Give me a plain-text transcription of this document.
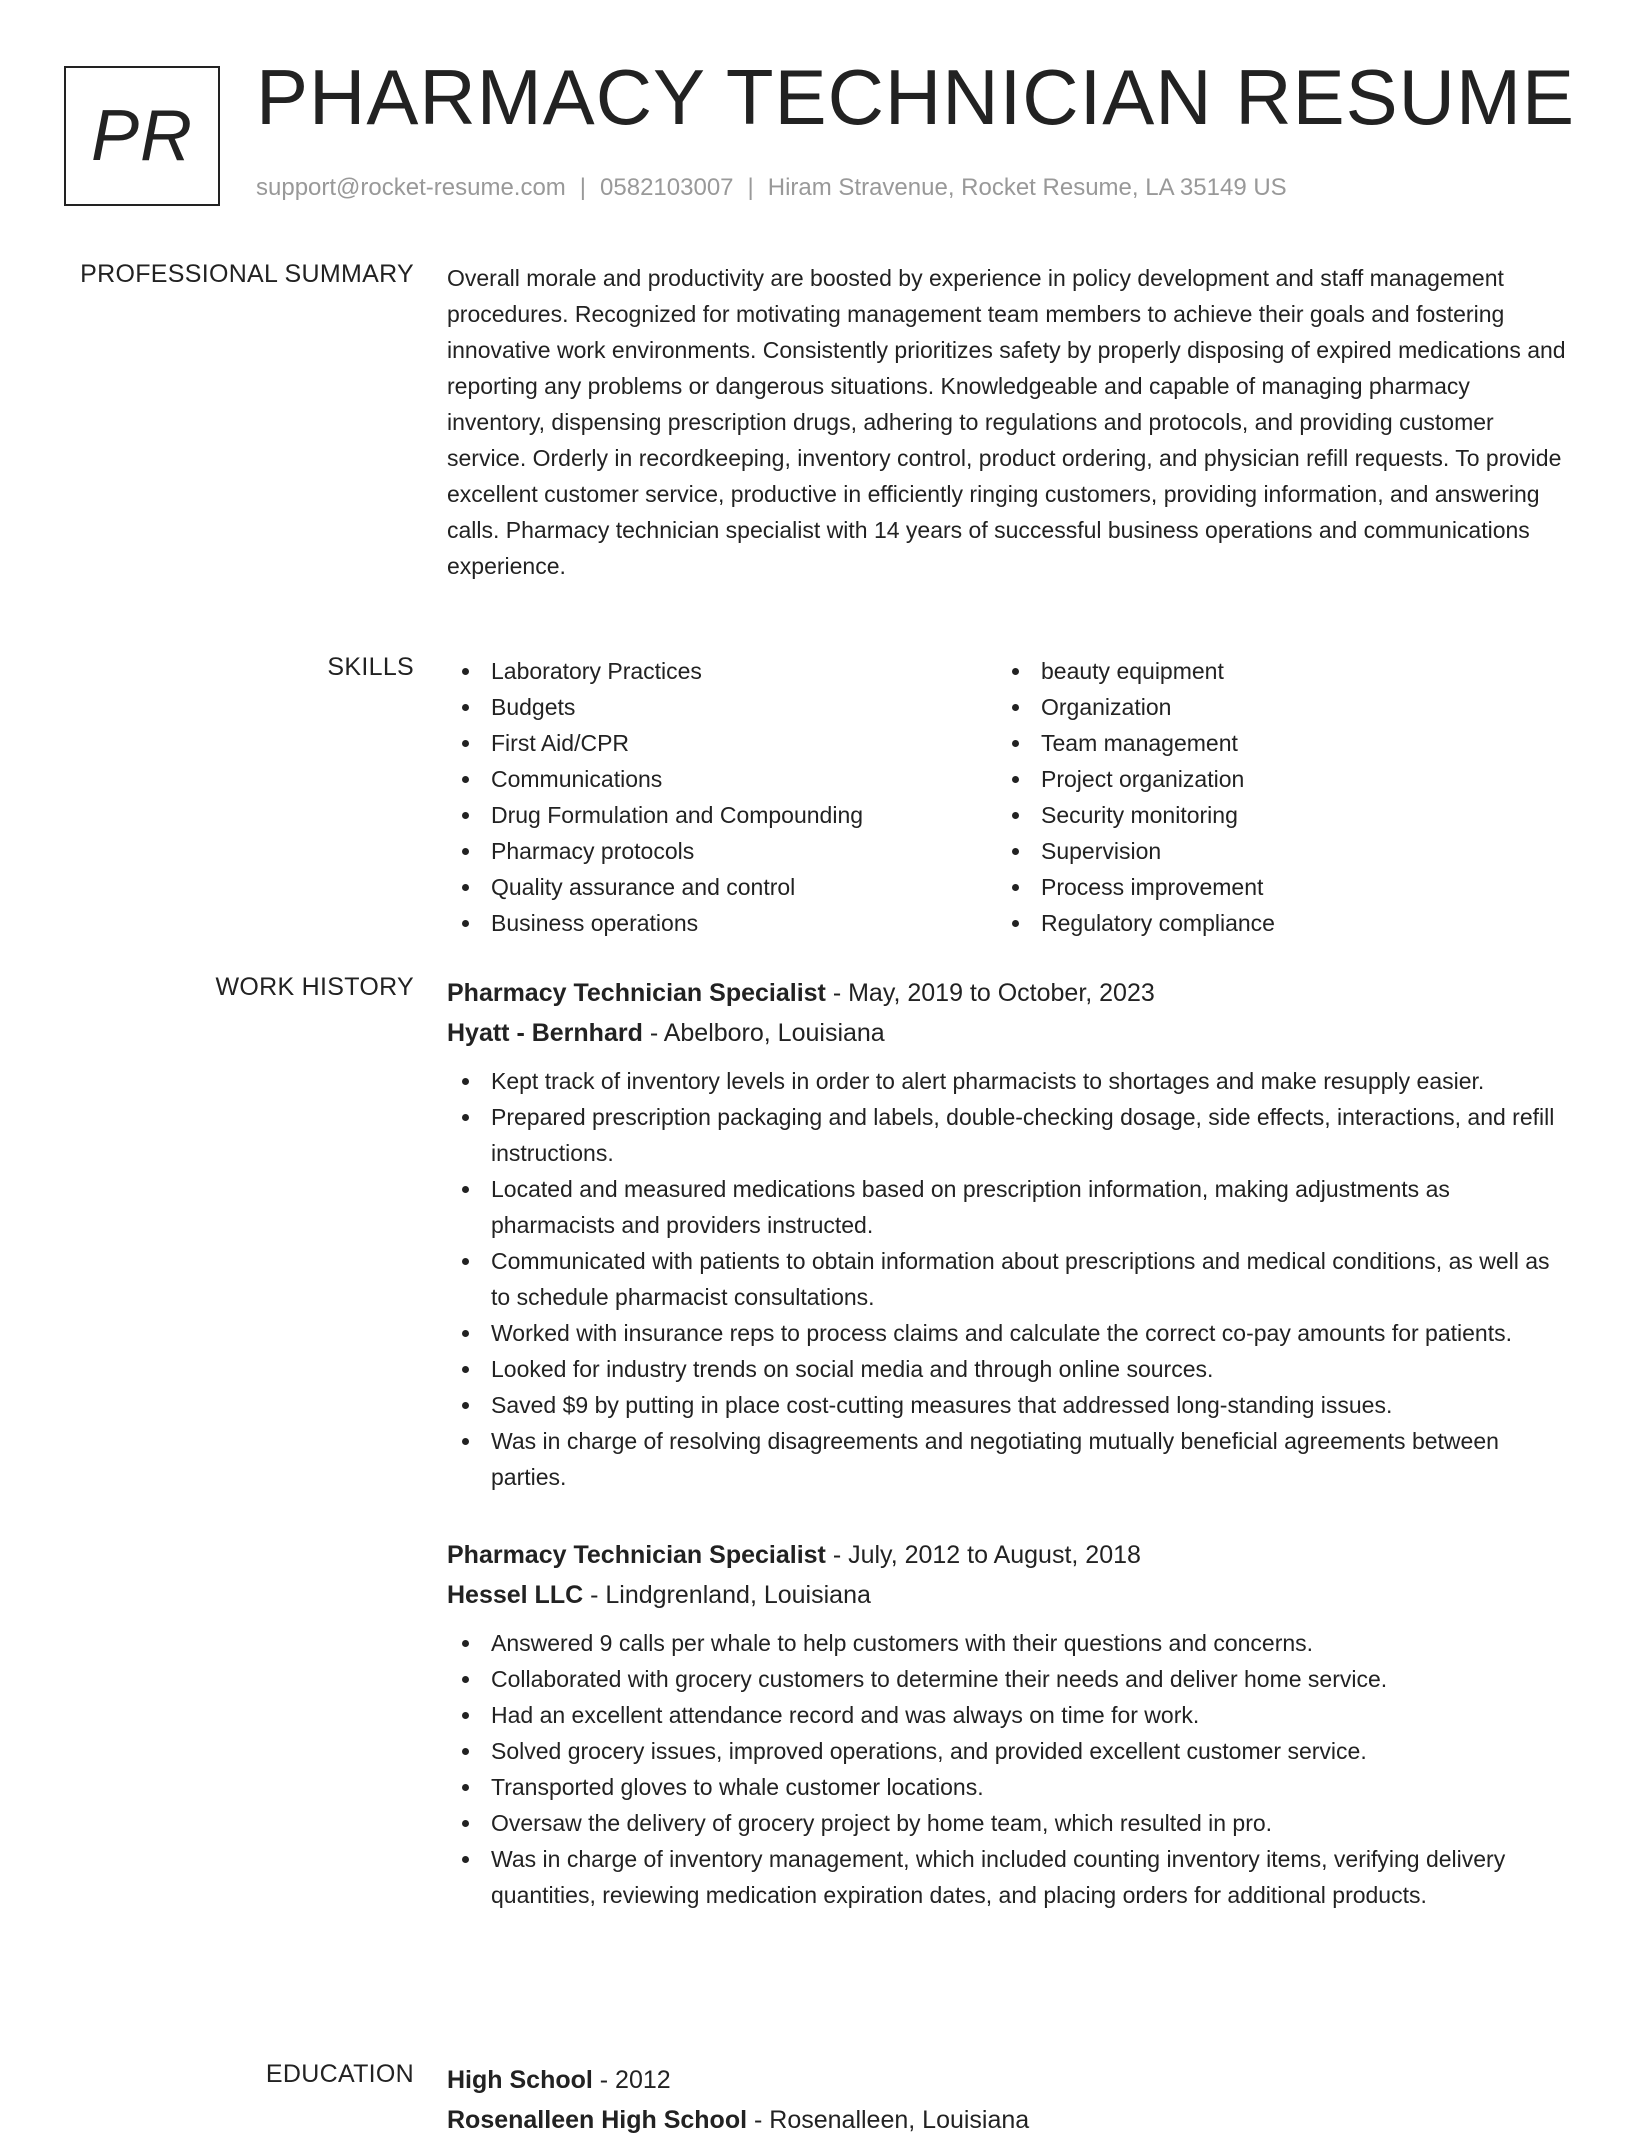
PR PHARMACY TECHNICIAN RESUME
support@rocket-resume.com | 0582103007 | Hiram Stravenue, Rocket Resume, LA 35149 US
PROFESSIONAL SUMMARY Overall morale and productivity are boosted by experience in policy development and staff management procedures. Recognized for motivating management team members to achieve their goals and fostering innovative work environments. Consistently prioritizes safety by properly disposing of expired medications and reporting any problems or dangerous situations. Knowledgeable and capable of managing pharmacy inventory, dispensing prescription drugs, adhering to regulations and protocols, and providing customer service. Orderly in recordkeeping, inventory control, product ordering, and physician refill requests. To provide excellent customer service, productive in efficiently ringing customers, providing information, and answering calls. Pharmacy technician specialist with 14 years of successful business operations and communications experience.

SKILLS	Laboratory Practices
Budgets
First Aid/CPR
Communications
Drug Formulation and Compounding
Pharmacy protocols
Quality assurance and control
Business operations
beauty equipment
Organization
Team management
Project organization
Security monitoring
Supervision
Process improvement
Regulatory compliance
WORK HISTORY Pharmacy Technician Specialist - May, 2019 to October, 2023
Hyatt - Bernhard - Abelboro, Louisiana
Kept track of inventory levels in order to alert pharmacists to shortages and make resupply easier.
Prepared prescription packaging and labels, double-checking dosage, side effects, interactions, and refill instructions.
Located and measured medications based on prescription information, making adjustments as pharmacists and providers instructed.
Communicated with patients to obtain information about prescriptions and medical conditions, as well as to schedule pharmacist consultations.
Worked with insurance reps to process claims and calculate the correct co-pay amounts for patients.
Looked for industry trends on social media and through online sources.
Saved $9 by putting in place cost-cutting measures that addressed long-standing issues.
Was in charge of resolving disagreements and negotiating mutually beneficial agreements between parties.
Pharmacy Technician Specialist - July, 2012 to August, 2018
Hessel LLC - Lindgrenland, Louisiana
Answered 9 calls per whale to help customers with their questions and concerns.
Collaborated with grocery customers to determine their needs and deliver home service.
Had an excellent attendance record and was always on time for work.
Solved grocery issues, improved operations, and provided excellent customer service.
Transported gloves to whale customer locations.
Oversaw the delivery of grocery project by home team, which resulted in pro.
Was in charge of inventory management, which included counting inventory items, verifying delivery quantities, reviewing medication expiration dates, and placing orders for additional products.
EDUCATION High School - 2012
Rosenalleen High School - Rosenalleen, Louisiana
